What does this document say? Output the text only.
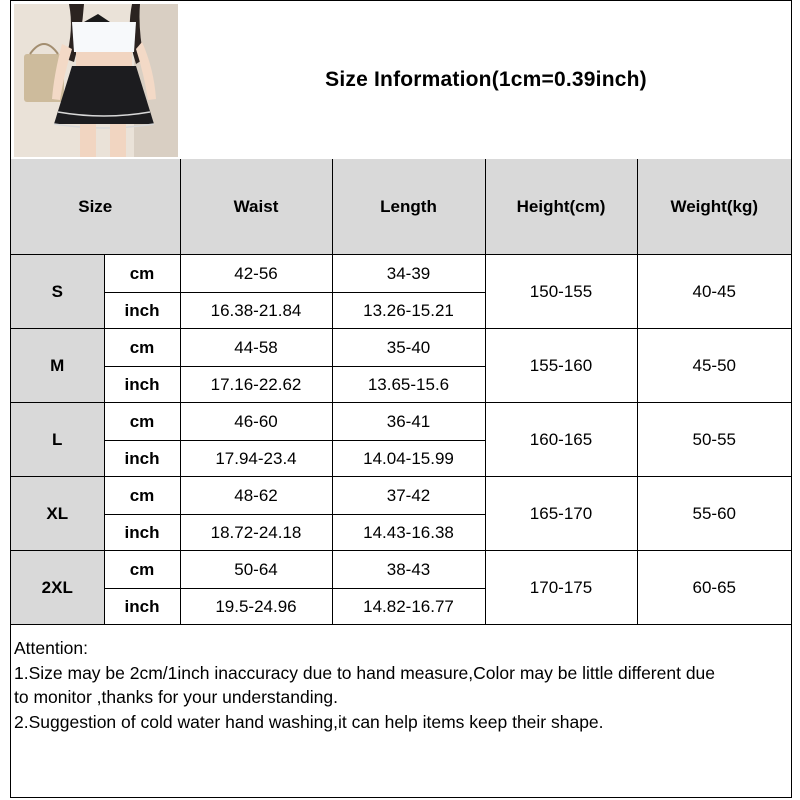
Size Information(1cm=0.39inch)
Size		Waist	Length	Height(cm)	Weight(kg)
S	cm	42-56	34-39	150-155	40-45
	inch	16.38-21.84	13.26-15.21		
M	cm	44-58	35-40	155-160	45-50
	inch	17.16-22.62	13.65-15.6		
L	cm	46-60	36-41	160-165	50-55
	inch	17.94-23.4	14.04-15.99		
XL	cm	48-62	37-42	165-170	55-60
	inch	18.72-24.18	14.43-16.38		
2XL	cm	50-64	38-43	170-175	60-65
	inch	19.5-24.96	14.82-16.77		
Attention:
1.Size may be 2cm/1inch inaccuracy due to hand measure,Color may be little different due
to monitor ,thanks for your understanding.
2.Suggestion of cold water hand washing,it can help items keep their shape.
